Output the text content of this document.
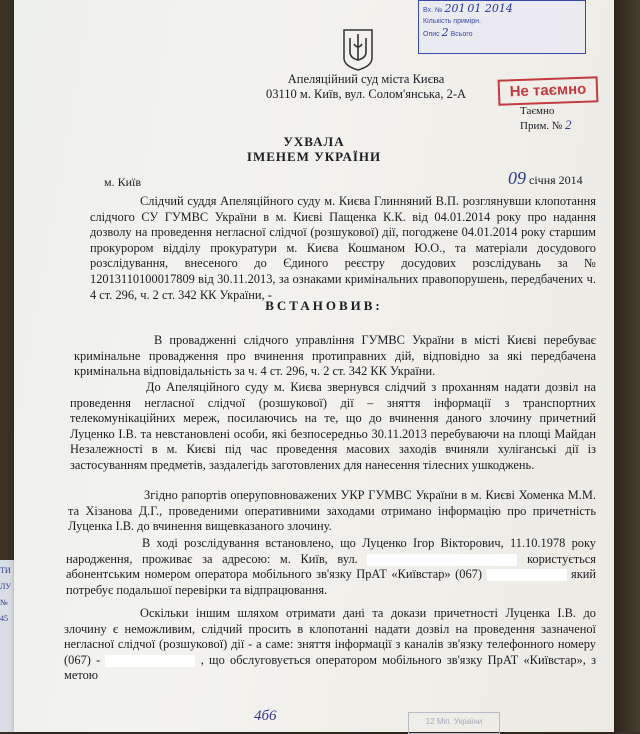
ТИ
ЛУ
№
45
Вх. № 201 01 2014
Кількість примірн.
Опис 2 Всього
Апеляційний суд міста Києва
03110 м. Київ, вул. Солом'янська, 2-А	Не таємно
Таємно
Прим. № 2
УХВАЛА
ІМЕНЕМ УКРАЇНИ
м. Київ	09 січня 2014
Слідчий суддя Апеляційного суду м. Києва Глинняний В.П. розглянувши клопотання слідчого СУ ГУМВС України в м. Києві Пащенка К.К. від 04.01.2014 року про надання дозволу на проведення негласної слідчої (розшукової) дії, погоджене 04.01.2014 року старшим прокурором відділу прокуратури м. Києва Кошманом Ю.О., та матеріали досудового розслідування, внесеного до Єдиного реєстру досудових розслідувань за № 12013110100017809 від 30.11.2013, за ознаками кримінальних правопорушень, передбачених ч. 4 ст. 296, ч. 2 ст. 342 КК України, -
ВСТАНОВИВ:
В провадженні слідчого управління ГУМВС України в місті Києві перебуває кримінальне провадження про вчинення протиправних дій, відповідно за які передбачена кримінальна відповідальність за ч. 4 ст. 296, ч. 2 ст. 342 КК України.
До Апеляційного суду м. Києва звернувся слідчий з проханням надати дозвіл на проведення негласної слідчої (розшукової) дії – зняття інформації з транспортних телекомунікаційних мереж, посилаючись на те, що до вчинення даного злочину причетний Луценко І.В. та невстановлені особи, які безпосередньо 30.11.2013 перебуваючи на площі Майдан Незалежності в м. Києві під час проведення масових заходів вчиняли хуліганські дії із застосуванням предметів, заздалегідь заготовлених для нанесення тілесних ушкоджень.
Згідно рапортів оперуповноважених УКР ГУМВС України в м. Києві Хоменка М.М. та Хізанова Д.Г., проведеними оперативними заходами отримано інформацію про причетність Луценка І.В. до вчинення вищевказаного злочину.
В ході розслідування встановлено, що Луценко Ігор Вікторович, 11.10.1978 року народження, проживає за адресою: м. Київ, вул.	користується абонентським номером оператора мобільного зв'язку ПрАТ «Київстар» (067)	який потребує подальшої перевірки та відпрацювання.
Оскільки іншим шляхом отримати дані та докази причетності Луценка І.В. до злочину є неможливим, слідчий просить в клопотанні надати дозвіл на проведення зазначеної негласної слідчої (розшукової) дії - а саме: зняття інформації з каналів зв'язку телефонного номеру (067) -	, що обслуговується оператором мобільного зв'язку ПрАТ «Київстар», з метою
4б6	12 Міп. України
